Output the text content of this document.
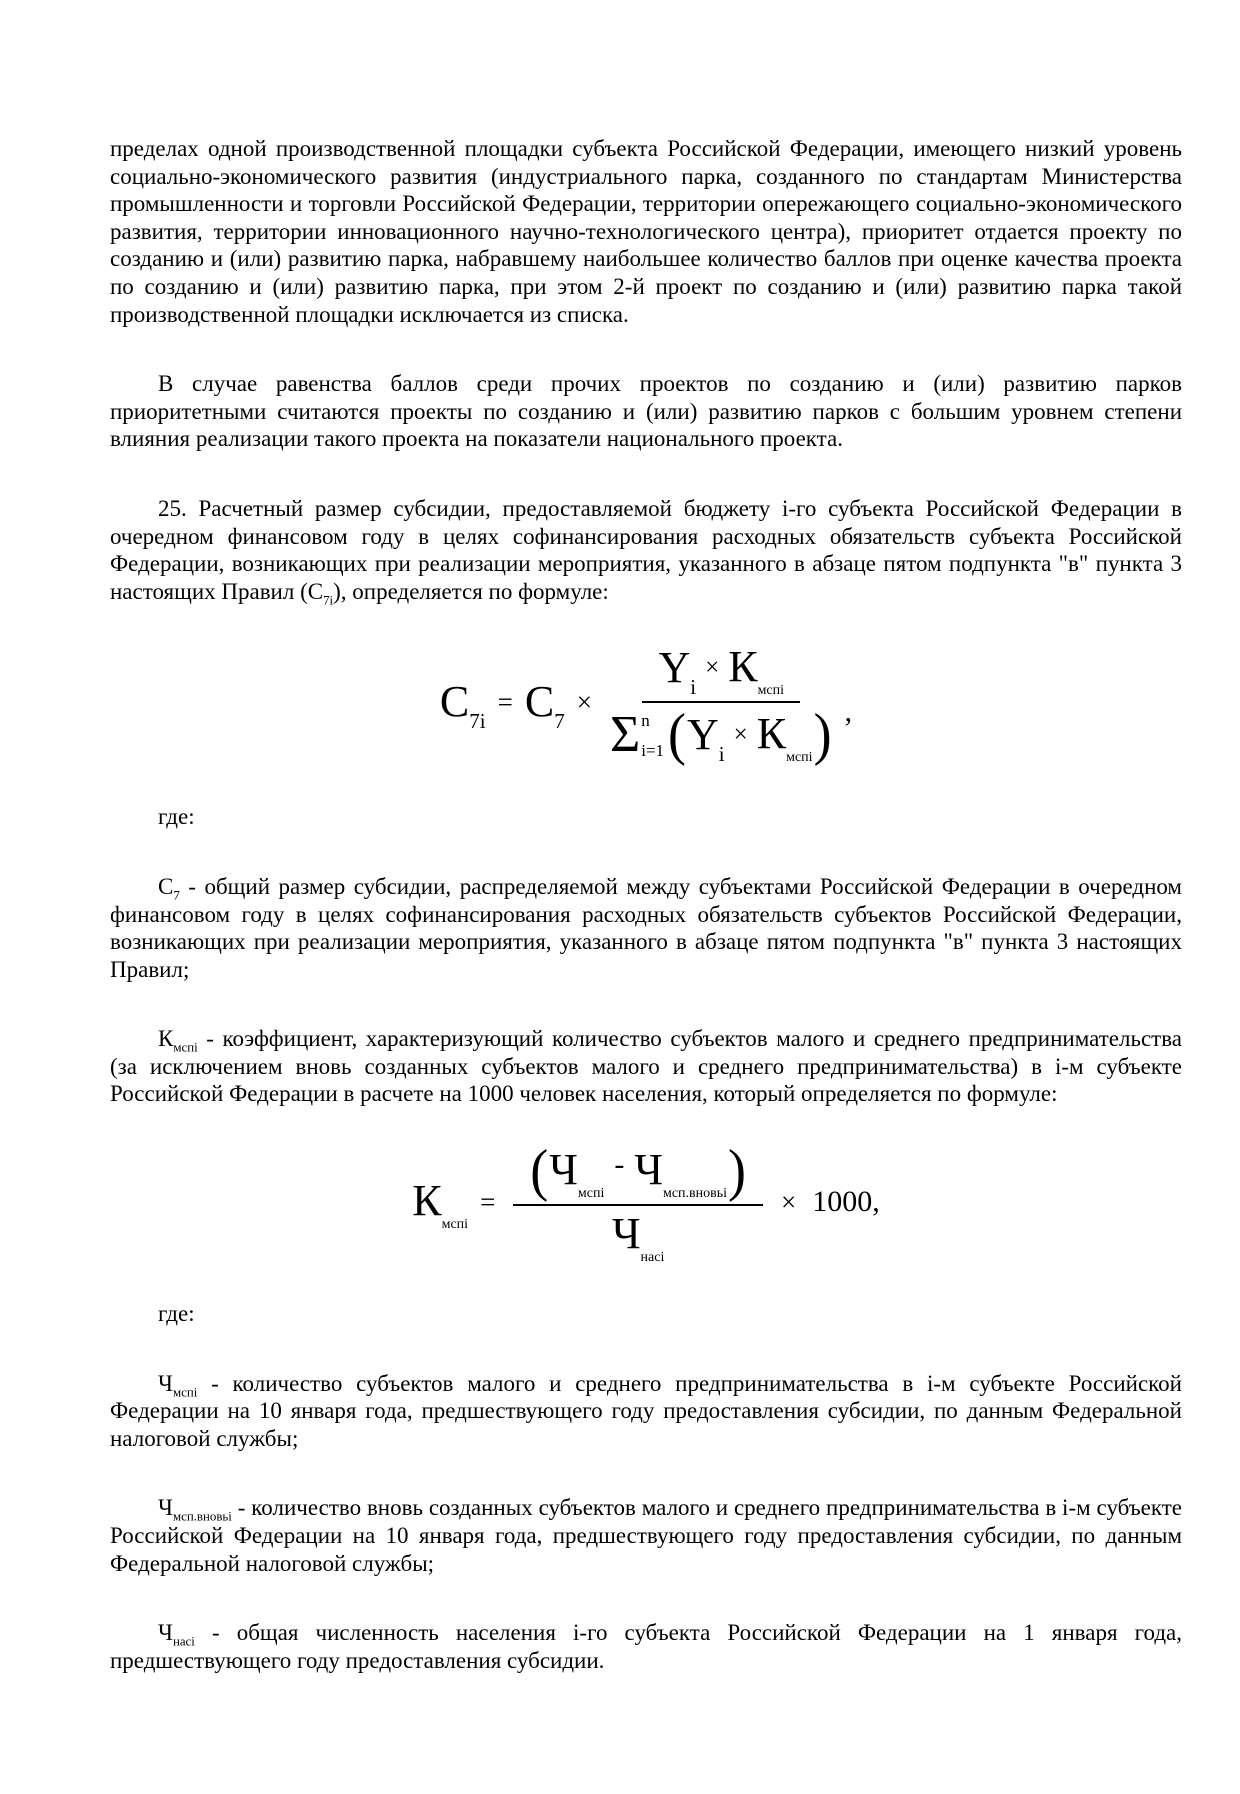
пределах одной производственной площадки субъекта Российской Федерации, имеющего низкий уровень социально-экономического развития (индустриального парка, созданного по стандартам Министерства промышленности и торговли Российской Федерации, территории опережающего социально-экономического развития, территории инновационного научно-технологического центра), приоритет отдается проекту по созданию и (или) развитию парка, набравшему наибольшее количество баллов при оценке качества проекта по созданию и (или) развитию парка, при этом 2-й проект по созданию и (или) развитию парка такой производственной площадки исключается из списка.

В случае равенства баллов среди прочих проектов по созданию и (или) развитию парков приоритетными считаются проекты по созданию и (или) развитию парков с большим уровнем степени влияния реализации такого проекта на показатели национального проекта.

25. Расчетный размер субсидии, предоставляемой бюджету i-го субъекта Российской Федерации в очередном финансовом году в целях софинансирования расходных обязательств субъекта Российской Федерации, возникающих при реализации мероприятия, указанного в абзаце пятом подпункта "в" пункта 3 настоящих Правил $(С_{7i})$, определяется по формуле:

$С_{7i}$
= $С_7$
×
$Y_i$
× $К_{мспi}$
Σ n
i=1 ( $Y_i$
× $К_{мспi}$ ) ,

где:

$С_7$ - общий размер субсидии, распределяемой между субъектами Российской Федерации в очередном финансовом году в целях софинансирования расходных обязательств субъектов Российской Федерации, возникающих при реализации мероприятия, указанного в абзаце пятом подпункта "в" пункта 3 настоящих Правил;

$К_{мспi}$ - коэффициент, характеризующий количество субъектов малого и среднего предпринимательства (за исключением вновь созданных субъектов малого и среднего предпринимательства) в i-м субъекте Российской Федерации в расчете на 1000 человек населения, который определяется по формуле:

$К_{мспi}$
= ( $Ч_{мспi}$
- $Ч_{мсп.вновьi}$ )
$Ч_{насi} \times 1000$,

где:

$Ч_{мспi}$ - количество субъектов малого и среднего предпринимательства в i-м субъекте Российской Федерации на 10 января года, предшествующего году предоставления субсидии, по данным Федеральной налоговой службы;

$Ч_{мсп.вновьi}$ - количество вновь созданных субъектов малого и среднего предпринимательства в i-м субъекте Российской Федерации на 10 января года, предшествующего году предоставления субсидии, по данным Федеральной налоговой службы;

$Ч_{насi}$ - общая численность населения i-го субъекта Российской Федерации на 1 января года, предшествующего году предоставления субсидии.
